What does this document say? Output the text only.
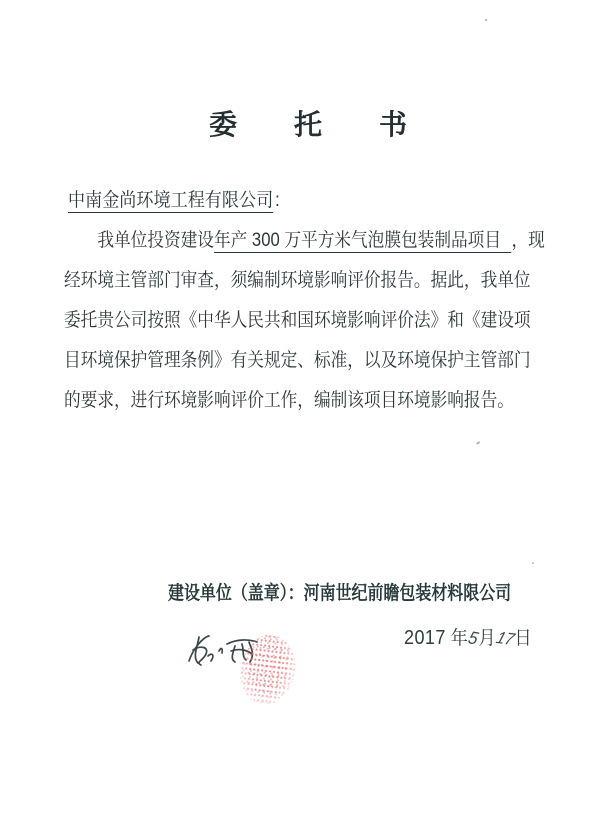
委托书
中南金尚环境工程有限公司:
我单位投资建设年产 300 万平方米气泡膜包装制品项目 ，现
经环境主管部门审查，须编制环境影响评价报告。据此，我单位
委托贵公司按照《中华人民共和国环境影响评价法》和《建设项
目环境保护管理条例》有关规定、标准，以及环境保护主管部门
的要求，进行环境影响评价工作，编制该项目环境影响报告。
建设单位（盖章）：河南世纪前瞻包装材料限公司
2017 年5月17日
